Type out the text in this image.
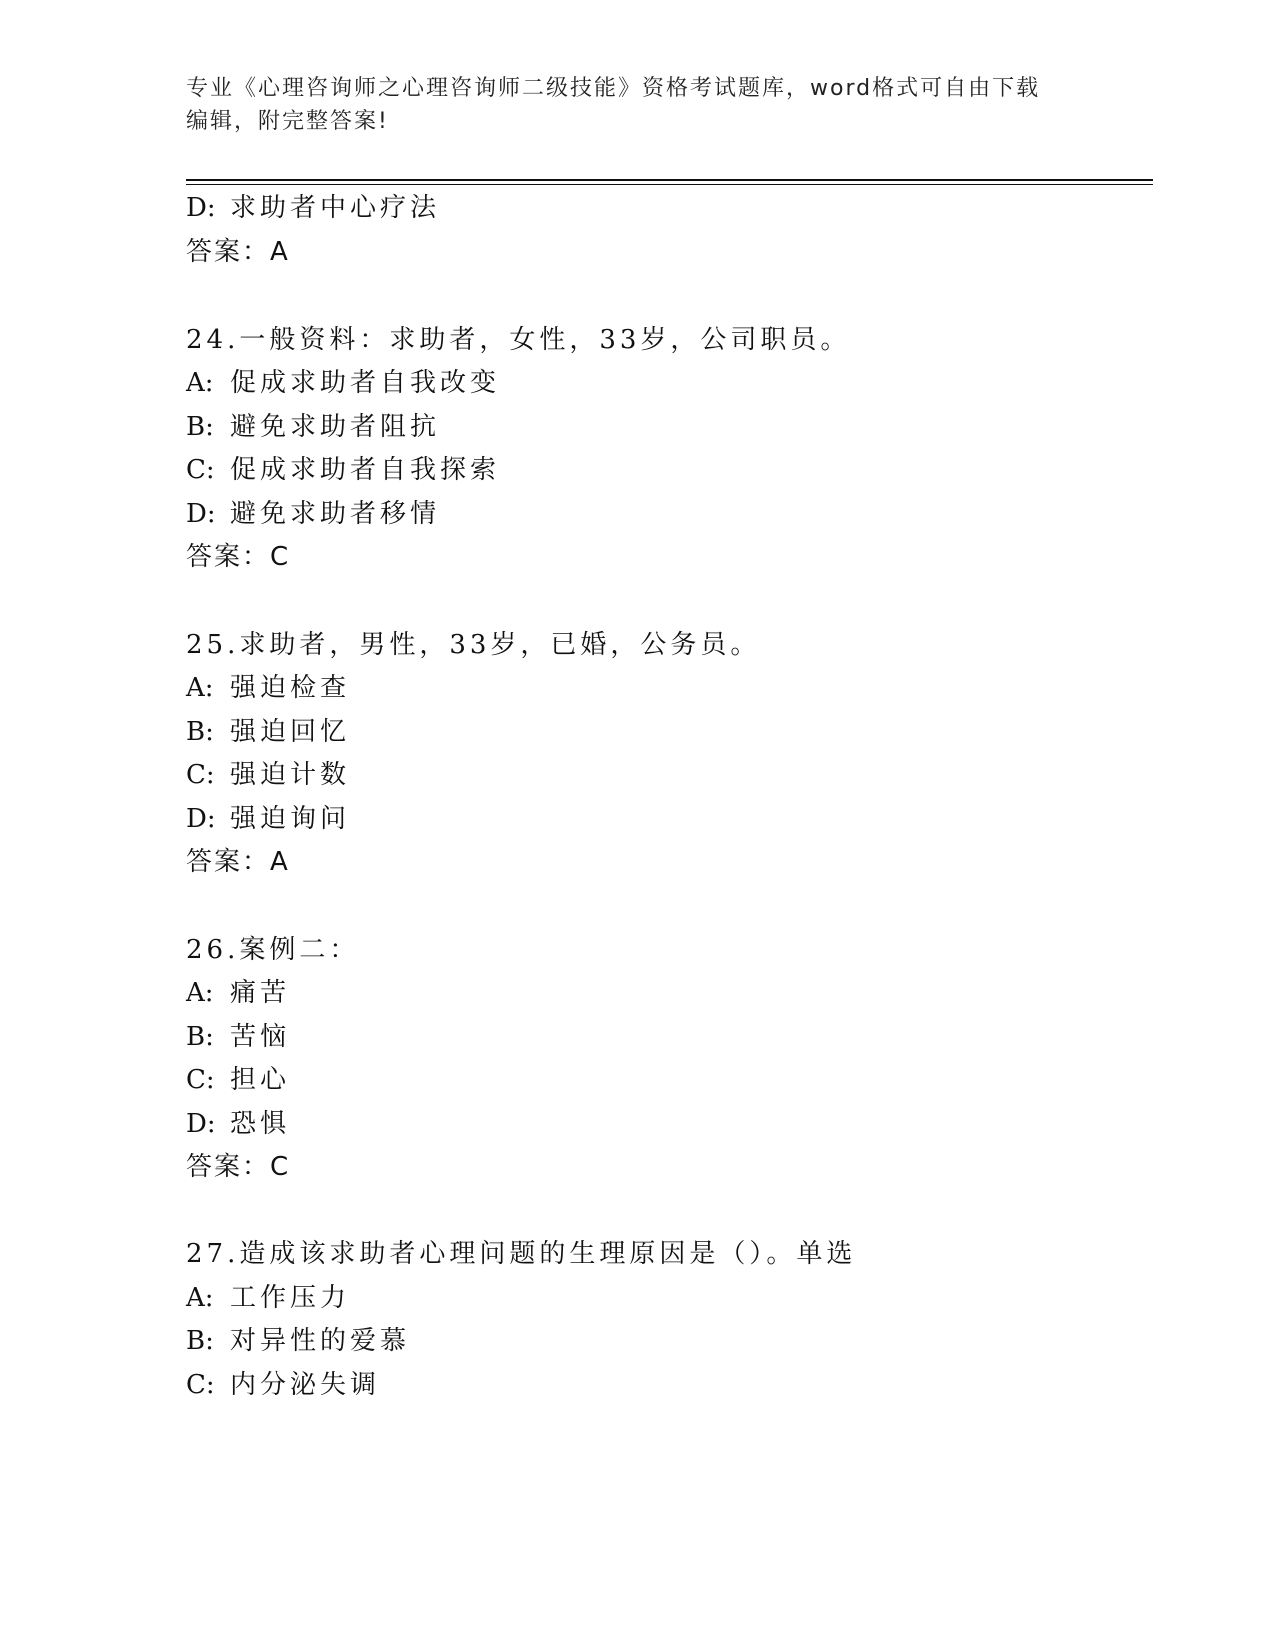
专业《心理咨询师之心理咨询师二级技能》资格考试题库，word格式可自由下载
编辑，附完整答案!
D: 求助者中心疗法
答案：A
24.一般资料：求助者，女性，33岁，公司职员。
A: 促成求助者自我改变
B: 避免求助者阻抗
C: 促成求助者自我探索
D: 避免求助者移情
答案：C
25.求助者，男性，33岁，已婚，公务员。
A: 强迫检查
B: 强迫回忆
C: 强迫计数
D: 强迫询问
答案：A
26.案例二：
A: 痛苦
B: 苦恼
C: 担心
D: 恐惧
答案：C
27.造成该求助者心理问题的生理原因是（）。单选
A: 工作压力
B: 对异性的爱慕
C: 内分泌失调
